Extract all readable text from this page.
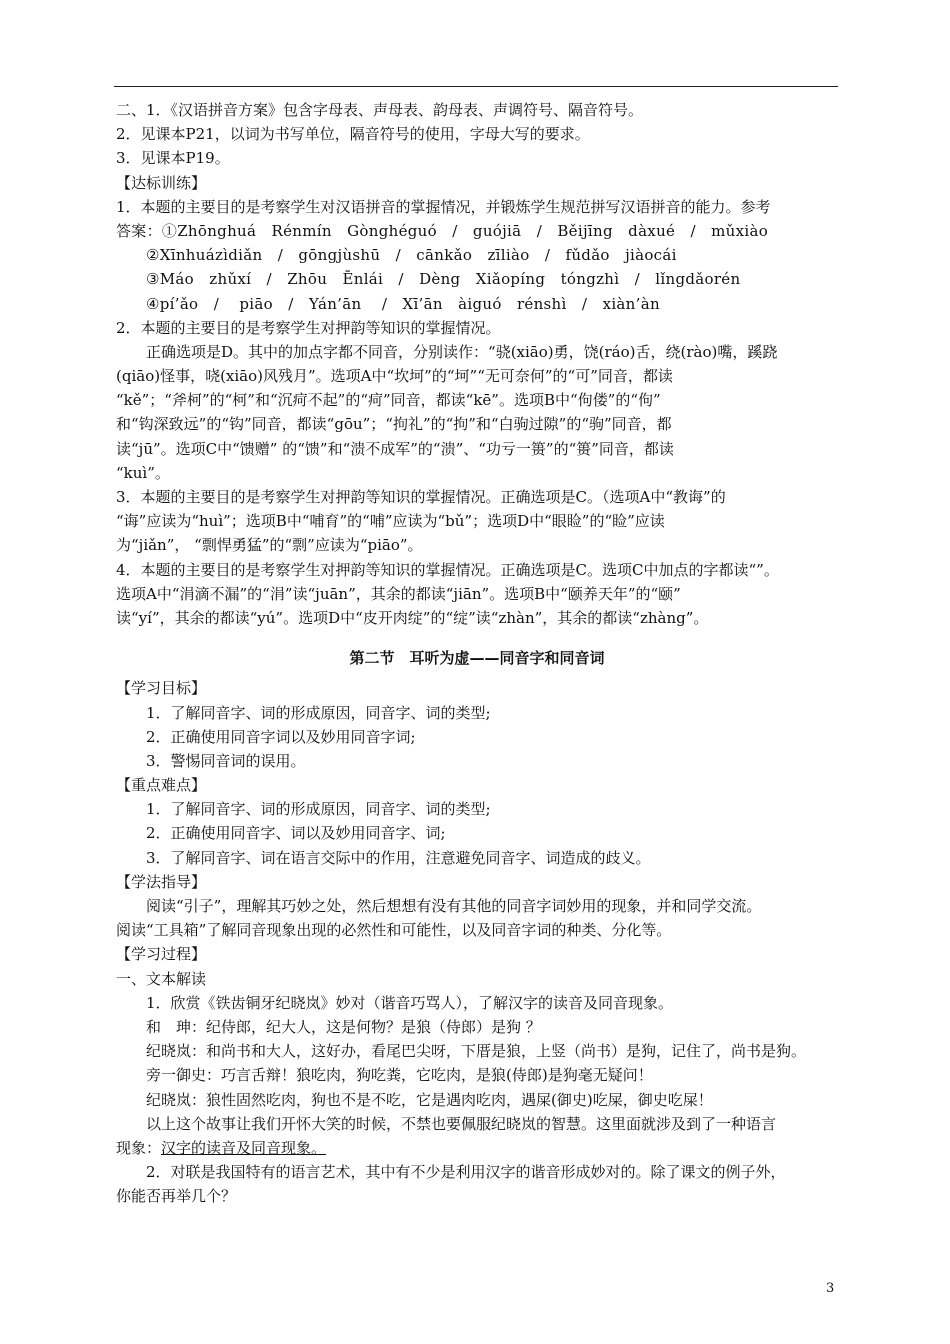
二、1．《汉语拼音方案》包含字母表、声母表、韵母表、声调符号、隔音符号。
2．见课本P21，以词为书写单位，隔音符号的使用，字母大写的要求。
3．见课本P19。
【达标训练】
1．本题的主要目的是考察学生对汉语拼音的掌握情况，并锻炼学生规范拼写汉语拼音的能力。参考
答案：①Zhōnghuá　Rénmín　Gònghéguó　/　guójiā　/　Běijīng　dàxué　/　mǔxiào
②Xīnhuázìdiǎn　/　gōngjùshū　/　cānkǎo　zīliào　/　fǔdǎo　jiàocái
③Máo　zhǔxí　/　Zhōu　Ēnlái　/　Dèng　Xiǎopíng　tóngzhì　/　lǐngdǎorén
④pí’ǎo　/　 piāo　/　Yán’ān　 /　Xī’ān　àiguó　rénshì　/　xiàn’àn
2．本题的主要目的是考察学生对押韵等知识的掌握情况。
正确选项是D。其中的加点字都不同音，分别读作：“骁(xiāo)勇，饶(ráo)舌，绕(rào)嘴，蹊跷
(qiāo)怪事，哓(xiāo)风残月”。选项A中“坎坷”的“坷”“无可奈何”的“可”同音，都读
“kě”；“斧柯”的“柯”和“沉疴不起”的“疴”同音，都读“kē”。选项B中“佝偻”的“佝”
和“钩深致远”的“钩”同音，都读“gōu”；“拘礼”的“拘”和“白驹过隙”的“驹”同音，都
读“jū”。选项C中“馈赠” 的“馈”和“溃不成军”的“溃”、“功亏一篑”的“篑”同音，都读
“kuì”。
3．本题的主要目的是考察学生对押韵等知识的掌握情况。正确选项是C。（选项A中“教诲”的
“诲”应读为“huì”；选项B中“哺育”的“哺”应读为“bǔ”；选项D中“眼睑”的“睑”应读
为“jiǎn”， “剽悍勇猛”的“剽”应读为“piāo”。
4．本题的主要目的是考察学生对押韵等知识的掌握情况。正确选项是C。选项C中加点的字都读“”。
选项A中“涓滴不漏”的“涓”读“juān”，其余的都读“jiān”。选项B中“颐养天年”的“颐”
读“yí”，其余的都读“yú”。选项D中“皮开肉绽”的“绽”读“zhàn”，其余的都读“zhàng”。
第二节　耳听为虚——同音字和同音词
【学习目标】
1．了解同音字、词的形成原因，同音字、词的类型;
2．正确使用同音字词以及妙用同音字词;
3．警惕同音词的误用。
【重点难点】
1．了解同音字、词的形成原因，同音字、词的类型;
2．正确使用同音字、词以及妙用同音字、词;
3．了解同音字、词在语言交际中的作用，注意避免同音字、词造成的歧义。
【学法指导】
阅读“引子”，理解其巧妙之处，然后想想有没有其他的同音字词妙用的现象，并和同学交流。
阅读“工具箱”了解同音现象出现的必然性和可能性，以及同音字词的种类、分化等。
【学习过程】
一、文本解读
1．欣赏《铁齿铜牙纪晓岚》妙对（谐音巧骂人），了解汉字的读音及同音现象。
和　珅：纪侍郎，纪大人，这是何物？是狼（侍郎）是狗 ？
纪晓岚：和尚书和大人，这好办，看尾巴尖呀，下厝是狼，上竖（尚书）是狗，记住了，尚书是狗。
旁一御史：巧言舌辩！狼吃肉，狗吃粪，它吃肉，是狼(侍郎)是狗毫无疑问！
纪晓岚：狼性固然吃肉，狗也不是不吃，它是遇肉吃肉，遇屎(御史)吃屎，御史吃屎！
以上这个故事让我们开怀大笑的时候，不禁也要佩服纪晓岚的智慧。这里面就涉及到了一种语言
现象：汉字的读音及同音现象。
2．对联是我国特有的语言艺术，其中有不少是利用汉字的谐音形成妙对的。除了课文的例子外，
你能否再举几个？
3
